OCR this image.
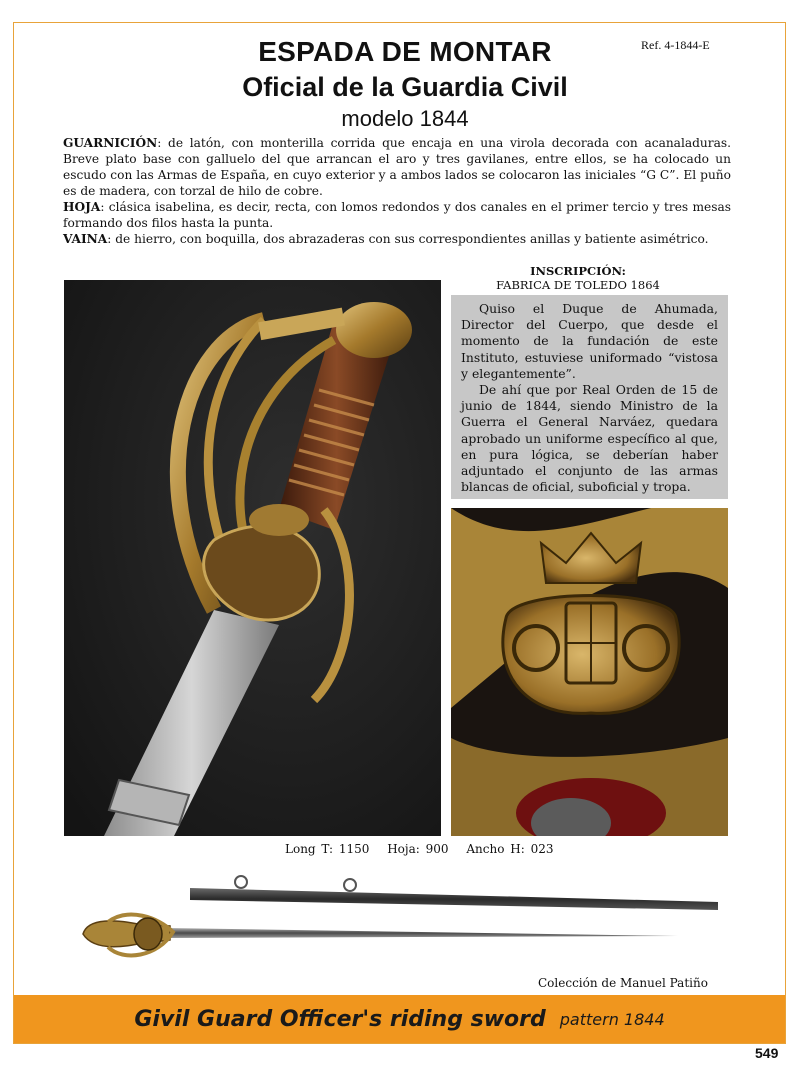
Ref. 4-1844-E
ESPADA DE MONTAR
Oficial de la Guardia Civil
modelo 1844

GUARNICIÓN: de latón, con monterilla corrida que encaja en una virola decorada con acanaladuras. Breve plato base con galluelo del que arrancan el aro y tres gavilanes, entre ellos, se ha colocado un escudo con las Armas de España, en cuyo exterior y a ambos lados se colocaron las iniciales “G C”. El puño es de madera, con torzal de hilo de cobre.

HOJA: clásica isabelina, es decir, recta, con lomos redondos y dos canales en el primer tercio y tres mesas formando dos filos hasta la punta.

VAINA: de hierro, con boquilla, dos abrazaderas con sus correspondientes anillas y batiente asimétrico.

INSCRIPCIÓN:
FABRICA DE TOLEDO 1864

Quiso el Duque de Ahumada, Director del Cuerpo, que desde el momento de la fundación de este Instituto, estuviese uniformado “vistosa y elegantemente”.

De ahí que por Real Orden de 15 de junio de 1844, siendo Ministro de la Guerra el General Narváez, quedara aprobado un uniforme específico al que, en pura lógica, se deberían haber adjuntado el conjunto de las armas blancas de oficial, suboficial y tropa.

Long T: 1150 Hoja: 900 Ancho H: 023
Colección de Manuel Patiño
Givil Guard Officer's riding sword pattern 1844
549
